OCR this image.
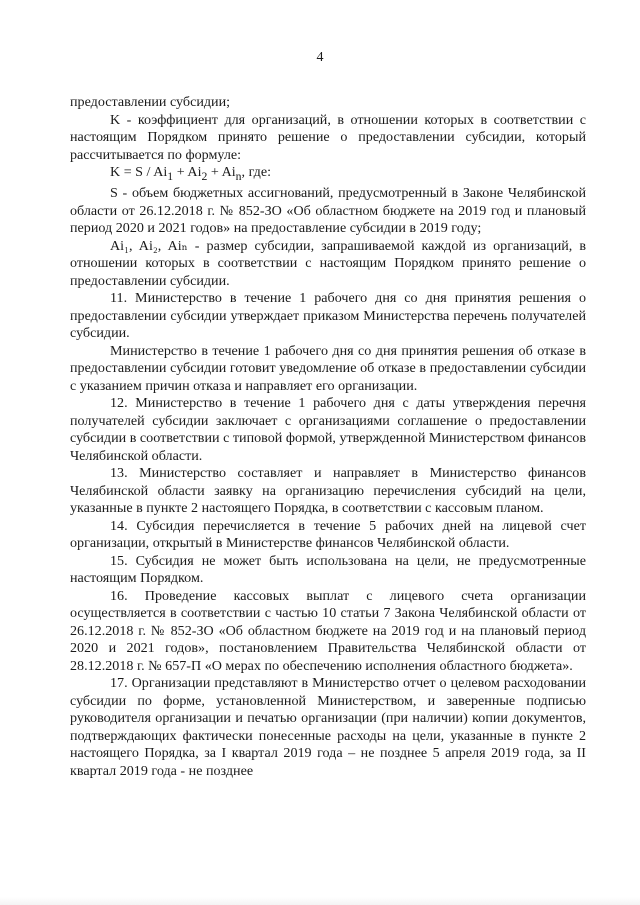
4

предоставлении субсидии;

K - коэффициент для организаций, в отношении которых в соответствии с настоящим Порядком принято решение о предоставлении субсидии, который рассчитывается по формуле:

$K = S / Ai_1 + Ai_2 + Ai_n$, где:

S - объем бюджетных ассигнований, предусмотренный в Законе Челябинской области от 26.12.2018 г. № 852-ЗО «Об областном бюджете на 2019 год и плановый период 2020 и 2021 годов» на предоставление субсидии в 2019 году;

Ai₁, Ai₂, Aiₙ - размер субсидии, запрашиваемой каждой из организаций, в отношении которых в соответствии с настоящим Порядком принято решение о предоставлении субсидии.

11. Министерство в течение 1 рабочего дня со дня принятия решения о предоставлении субсидии утверждает приказом Министерства перечень получателей субсидии.

Министерство в течение 1 рабочего дня со дня принятия решения об отказе в предоставлении субсидии готовит уведомление об отказе в предоставлении субсидии с указанием причин отказа и направляет его организации.

12. Министерство в течение 1 рабочего дня с даты утверждения перечня получателей субсидии заключает с организациями соглашение о предоставлении субсидии в соответствии с типовой формой, утвержденной Министерством финансов Челябинской области.

13. Министерство составляет и направляет в Министерство финансов Челябинской области заявку на организацию перечисления субсидий на цели, указанные в пункте 2 настоящего Порядка, в соответствии с кассовым планом.

14. Субсидия перечисляется в течение 5 рабочих дней на лицевой счет организации, открытый в Министерстве финансов Челябинской области.

15. Субсидия не может быть использована на цели, не предусмотренные настоящим Порядком.

16. Проведение кассовых выплат с лицевого счета организации осуществляется в соответствии с частью 10 статьи 7 Закона Челябинской области от 26.12.2018 г. № 852-ЗО «Об областном бюджете на 2019 год и на плановый период 2020 и 2021 годов», постановлением Правительства Челябинской области от 28.12.2018 г. № 657-П «О мерах по обеспечению исполнения областного бюджета».

17. Организации представляют в Министерство отчет о целевом расходовании субсидии по форме, установленной Министерством, и заверенные подписью руководителя организации и печатью организации (при наличии) копии документов, подтверждающих фактически понесенные расходы на цели, указанные в пункте 2 настоящего Порядка, за I квартал 2019 года – не позднее 5 апреля 2019 года, за II квартал 2019 года - не позднее
